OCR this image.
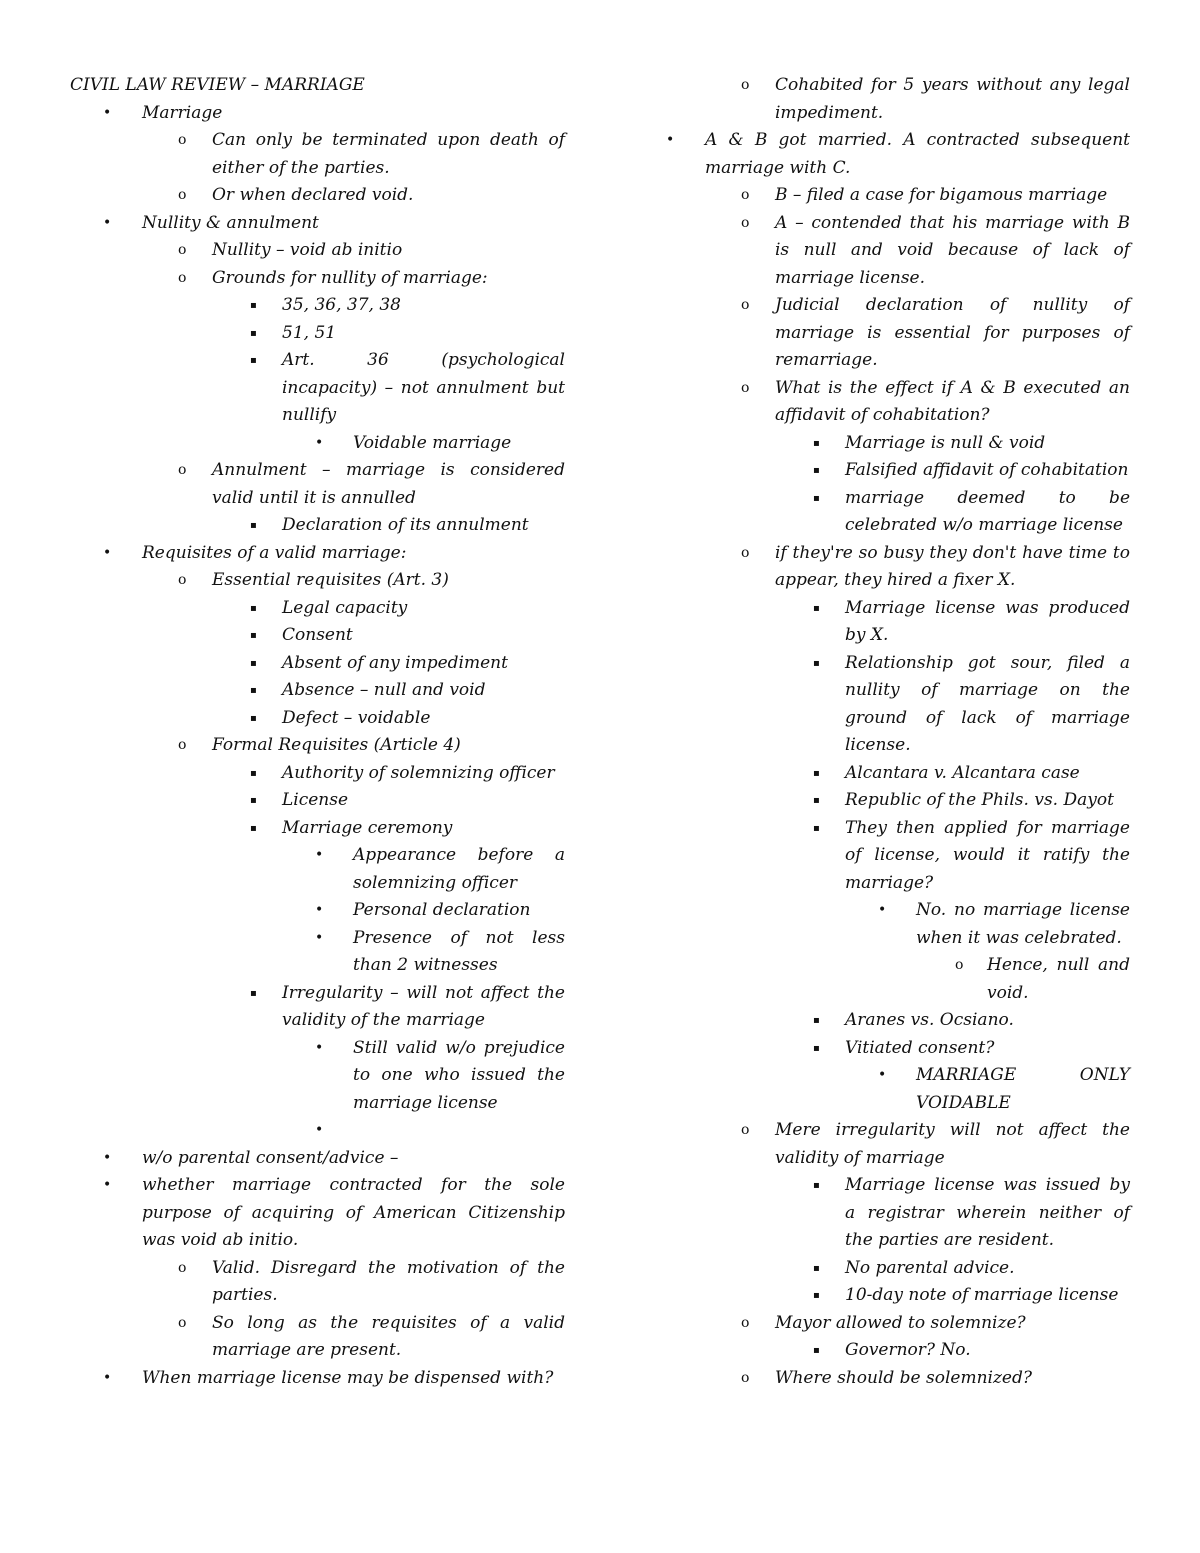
CIVIL LAW REVIEW – MARRIAGE
• Marriage
o Can only be terminated upon death of either of the parties.
o Or when declared void.
• Nullity & annulment
o Nullity – void ab initio
o Grounds for nullity of marriage:
▪ 35, 36, 37, 38
▪ 51, 51
▪ Art. 36 (psychological incapacity) – not annulment but nullify
• Voidable marriage
o Annulment – marriage is considered valid until it is annulled
▪ Declaration of its annulment
• Requisites of a valid marriage:
o Essential requisites (Art. 3)
▪ Legal capacity
▪ Consent
▪ Absent of any impediment
▪ Absence – null and void
▪ Defect – voidable
o Formal Requisites (Article 4)
▪ Authority of solemnizing officer
▪ License
▪ Marriage ceremony
• Appearance before a solemnizing officer
• Personal declaration
• Presence of not less than 2 witnesses
▪ Irregularity – will not affect the validity of the marriage
• Still valid w/o prejudice to one who issued the marriage license
•
• w/o parental consent/advice –
• whether marriage contracted for the sole purpose of acquiring of American Citizenship was void ab initio.
o Valid. Disregard the motivation of the parties.
o So long as the requisites of a valid marriage are present.
• When marriage license may be dispensed with?
o Cohabited for 5 years without any legal impediment.
• A & B got married. A contracted subsequent marriage with C.
o B – filed a case for bigamous marriage
o A – contended that his marriage with B is null and void because of lack of marriage license.
o Judicial declaration of nullity of marriage is essential for purposes of remarriage.
o What is the effect if A & B executed an affidavit of cohabitation?
▪ Marriage is null & void
▪ Falsified affidavit of cohabitation
▪ marriage deemed to be celebrated w/o marriage license
o if they're so busy they don't have time to appear, they hired a fixer X.
▪ Marriage license was produced by X.
▪ Relationship got sour, filed a nullity of marriage on the ground of lack of marriage license.
▪ Alcantara v. Alcantara case
▪ Republic of the Phils. vs. Dayot
▪ They then applied for marriage of license, would it ratify the marriage?
• No. no marriage license when it was celebrated.
o Hence, null and void.
▪ Aranes vs. Ocsiano.
▪ Vitiated consent?
• MARRIAGE ONLY VOIDABLE
o Mere irregularity will not affect the validity of marriage
▪ Marriage license was issued by a registrar wherein neither of the parties are resident.
▪ No parental advice.
▪ 10-day note of marriage license
o Mayor allowed to solemnize?
▪ Governor? No.
o Where should be solemnized?
